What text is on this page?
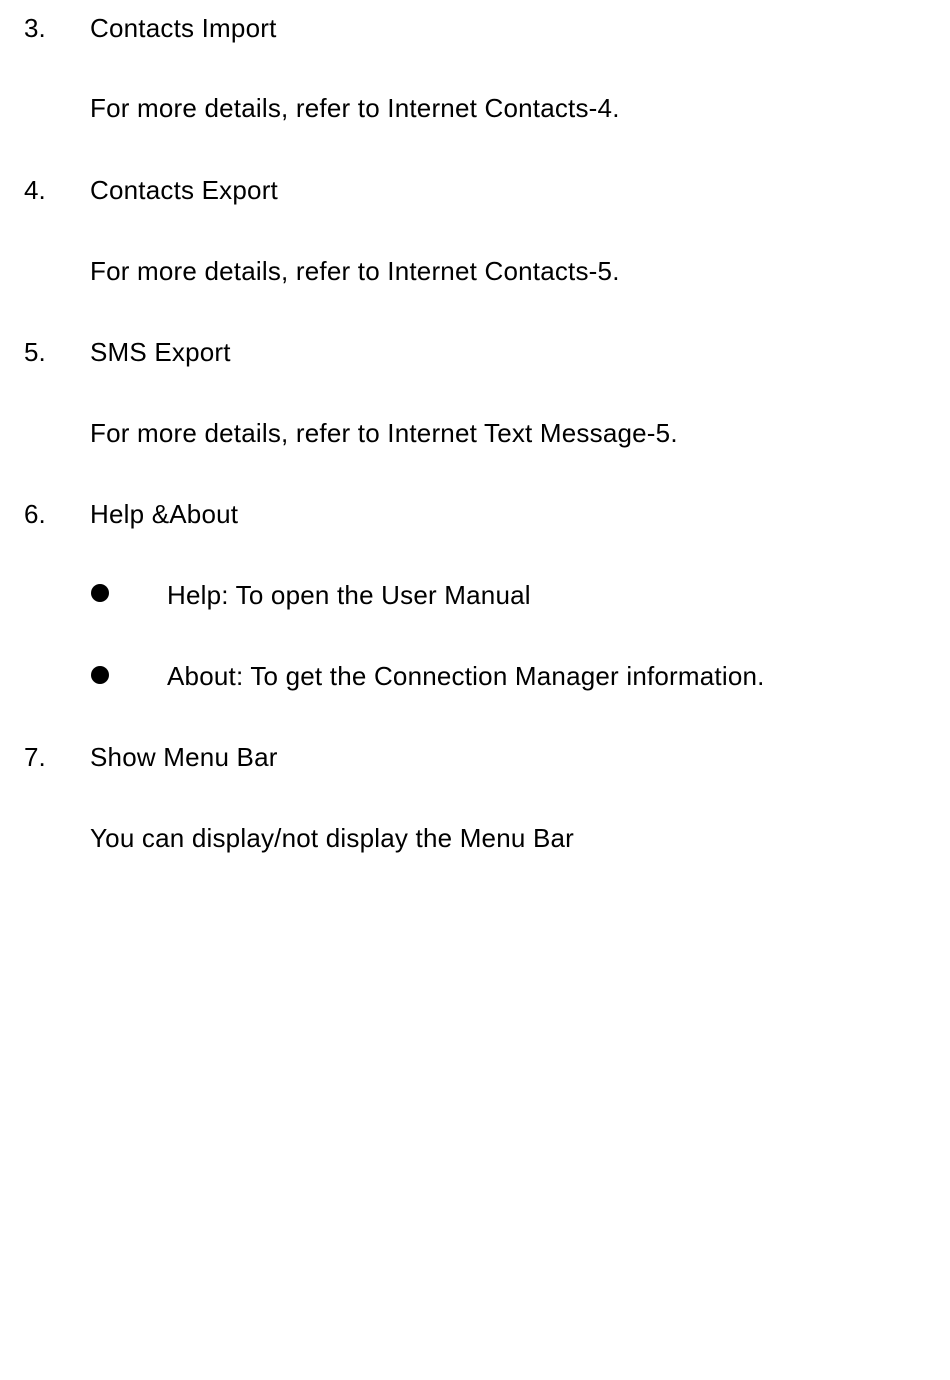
3. Contacts Import
For more details, refer to Internet Contacts-4.
4. Contacts Export
For more details, refer to Internet Contacts-5.
5. SMS Export
For more details, refer to Internet Text Message-5.
6. Help &About
Help: To open the User Manual
About: To get the Connection Manager information.
7. Show Menu Bar
You can display/not display the Menu Bar
